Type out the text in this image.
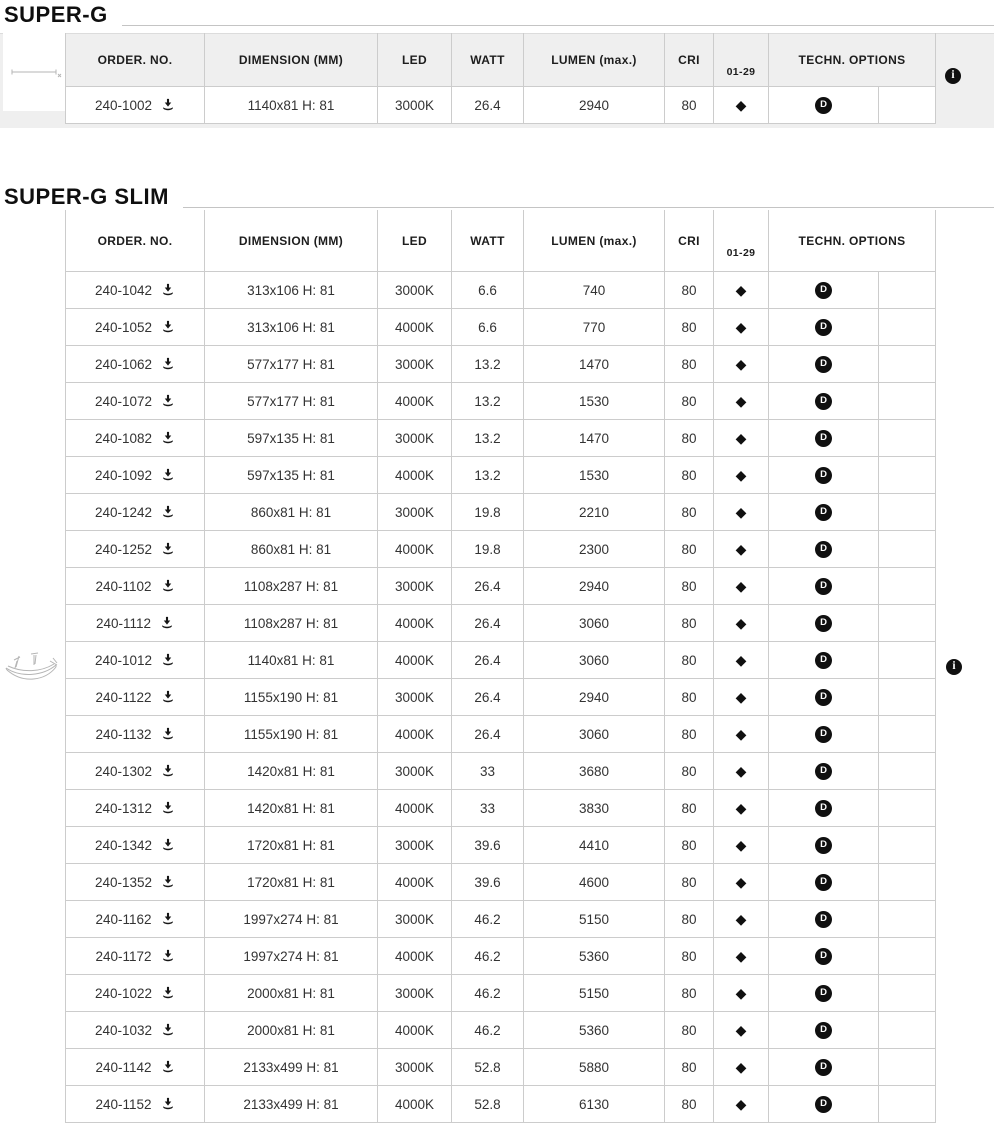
SUPER-G
ORDER. NO.	DIMENSION (MM)	LED	WATT	LUMEN (max.)	CRI	01-29	TECHN. OPTIONS	

240-1002	1140x81 H: 81	3000K	26.4	2940	80	◆	D	
i
SUPER-G SLIM
ORDER. NO.	DIMENSION (MM)	LED	WATT	LUMEN (max.)	CRI	01-29	TECHN. OPTIONS	

240-1042	313x106 H: 81	3000K	6.6	740	80	◆	D	

240-1052	313x106 H: 81	4000K	6.6	770	80	◆	D	

240-1062	577x177 H: 81	3000K	13.2	1470	80	◆	D	

240-1072	577x177 H: 81	4000K	13.2	1530	80	◆	D	

240-1082	597x135 H: 81	3000K	13.2	1470	80	◆	D	

240-1092	597x135 H: 81	4000K	13.2	1530	80	◆	D	

240-1242	860x81 H: 81	3000K	19.8	2210	80	◆	D	

240-1252	860x81 H: 81	4000K	19.8	2300	80	◆	D	

240-1102	1108x287 H: 81	3000K	26.4	2940	80	◆	D	

240-1112	1108x287 H: 81	4000K	26.4	3060	80	◆	D	

240-1012	1140x81 H: 81	4000K	26.4	3060	80	◆	D	

240-1122	1155x190 H: 81	3000K	26.4	2940	80	◆	D	

240-1132	1155x190 H: 81	4000K	26.4	3060	80	◆	D	

240-1302	1420x81 H: 81	3000K	33	3680	80	◆	D	

240-1312	1420x81 H: 81	4000K	33	3830	80	◆	D	

240-1342	1720x81 H: 81	3000K	39.6	4410	80	◆	D	

240-1352	1720x81 H: 81	4000K	39.6	4600	80	◆	D	

240-1162	1997x274 H: 81	3000K	46.2	5150	80	◆	D	

240-1172	1997x274 H: 81	4000K	46.2	5360	80	◆	D	

240-1022	2000x81 H: 81	3000K	46.2	5150	80	◆	D	

240-1032	2000x81 H: 81	4000K	46.2	5360	80	◆	D	

240-1142	2133x499 H: 81	3000K	52.8	5880	80	◆	D	

240-1152	2133x499 H: 81	4000K	52.8	6130	80	◆	D	
i
